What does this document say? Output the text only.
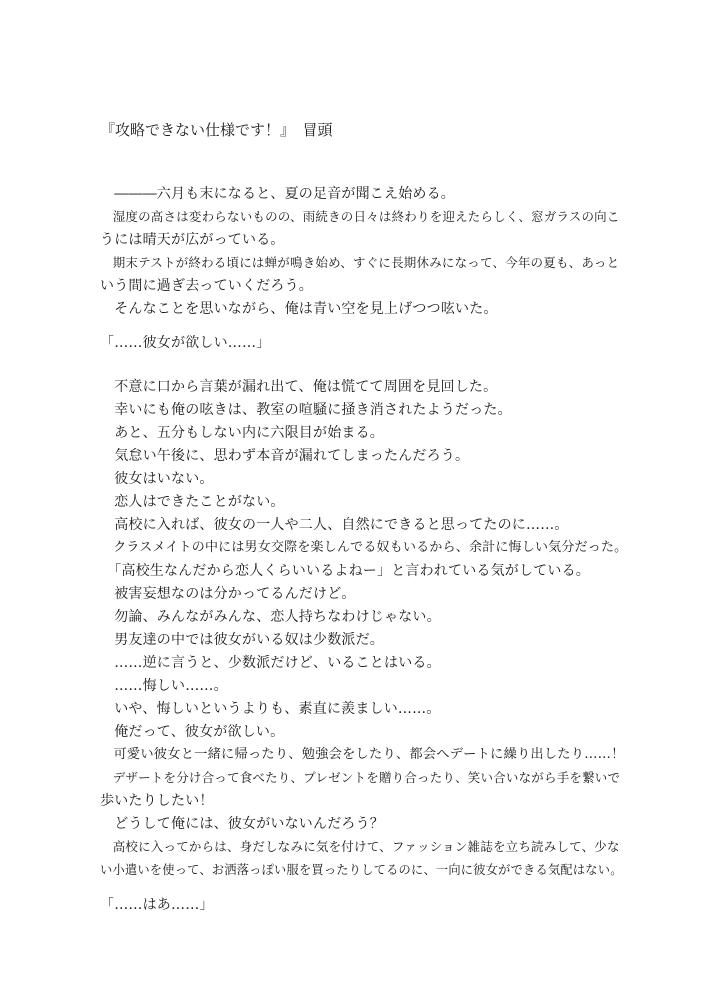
『攻略できない仕様です！』　冒頭
　―――六月も末になると、夏の足音が聞こえ始める。
　湿度の高さは変わらないものの、雨続きの日々は終わりを迎えたらしく、窓ガラスの向こ
うには晴天が広がっている。
　期末テストが終わる頃には蝉が鳴き始め、すぐに長期休みになって、今年の夏も、あっと
いう間に過ぎ去っていくだろう。
　そんなことを思いながら、俺は青い空を見上げつつ呟いた。
「……彼女が欲しい……」
　不意に口から言葉が漏れ出て、俺は慌てて周囲を見回した。
　幸いにも俺の呟きは、教室の喧騒に掻き消されたようだった。
　あと、五分もしない内に六限目が始まる。
　気怠い午後に、思わず本音が漏れてしまったんだろう。
　彼女はいない。
　恋人はできたことがない。
　高校に入れば、彼女の一人や二人、自然にできると思ってたのに……。
　クラスメイトの中には男女交際を楽しんでる奴もいるから、余計に悔しい気分だった。
　「高校生なんだから恋人くらいいるよねー」と言われている気がしている。
　被害妄想なのは分かってるんだけど。
　勿論、みんながみんな、恋人持ちなわけじゃない。
　男友達の中では彼女がいる奴は少数派だ。
　……逆に言うと、少数派だけど、いることはいる。
　……悔しい……。
　いや、悔しいというよりも、素直に羨ましい……。
　俺だって、彼女が欲しい。
　可愛い彼女と一緒に帰ったり、勉強会をしたり、都会へデートに繰り出したり……！
　デザートを分け合って食べたり、プレゼントを贈り合ったり、笑い合いながら手を繋いで
歩いたりしたい！
　どうして俺には、彼女がいないんだろう？
　高校に入ってからは、身だしなみに気を付けて、ファッション雑誌を立ち読みして、少な
い小遣いを使って、お洒落っぽい服を買ったりしてるのに、一向に彼女ができる気配はない。
「……はあ……」
